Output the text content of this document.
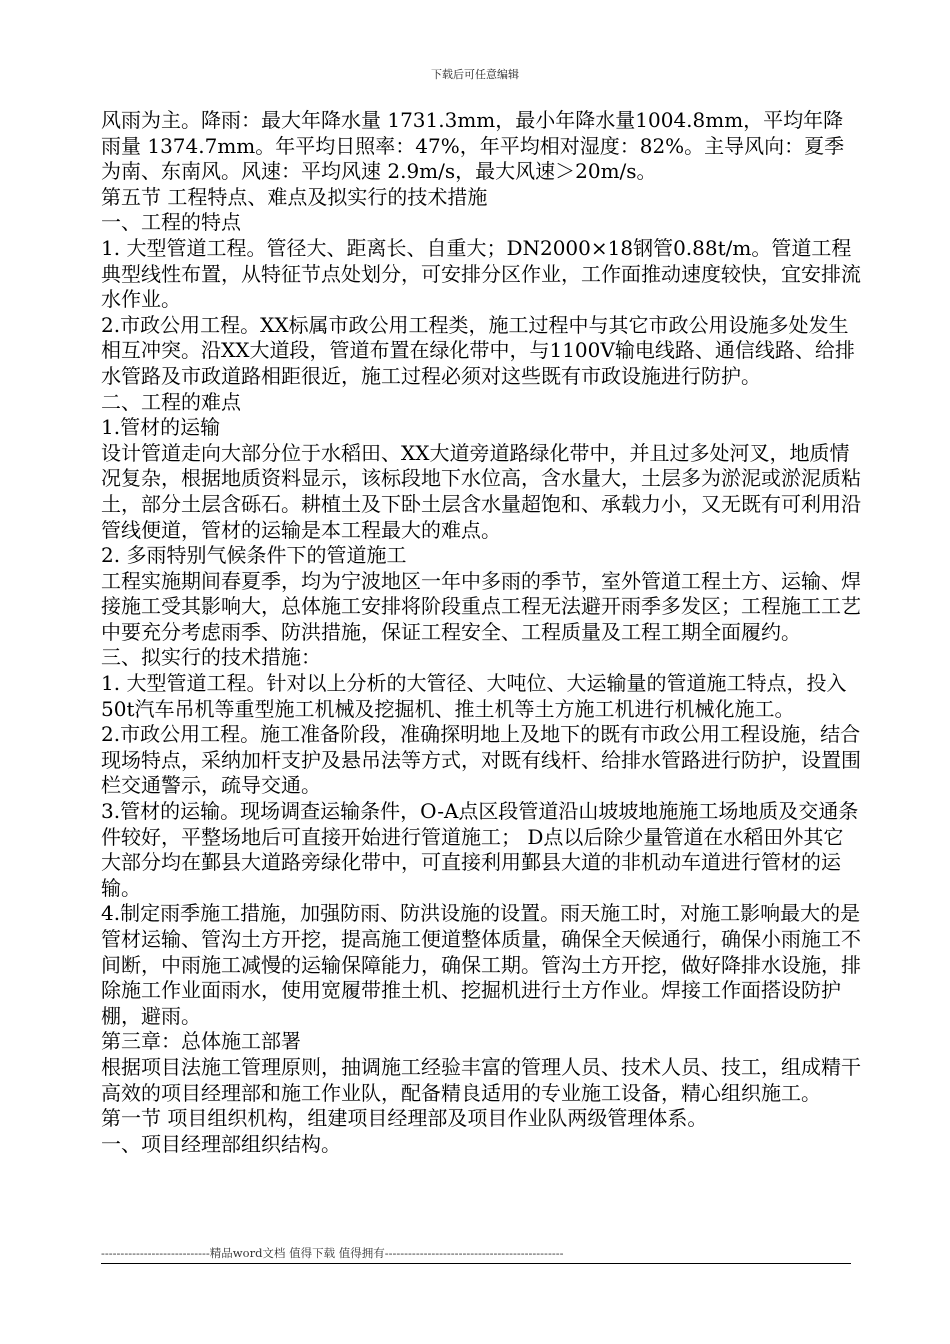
下载后可任意编辑

风雨为主。降雨：最大年降水量 1731.3mm，最小年降水量1004.8mm，平均年降雨量 1374.7mm。年平均日照率：47%，年平均相对湿度：82%。主导风向：夏季为南、东南风。风速：平均风速 2.9m/s，最大风速＞20m/s。

第五节 工程特点、难点及拟实行的技术措施

一、工程的特点

1. 大型管道工程。管径大、距离长、自重大；DN2000×18钢管0.88t/m。管道工程典型线性布置，从特征节点处划分，可安排分区作业，工作面推动速度较快，宜安排流水作业。

2.市政公用工程。XX标属市政公用工程类，施工过程中与其它市政公用设施多处发生相互冲突。沿XX大道段，管道布置在绿化带中，与1100V输电线路、通信线路、给排水管路及市政道路相距很近，施工过程必须对这些既有市政设施进行防护。

二、工程的难点

1.管材的运输

设计管道走向大部分位于水稻田、XX大道旁道路绿化带中，并且过多处河叉，地质情况复杂，根据地质资料显示，该标段地下水位高，含水量大，土层多为淤泥或淤泥质粘土，部分土层含砾石。耕植土及下卧土层含水量超饱和、承载力小，又无既有可利用沿管线便道，管材的运输是本工程最大的难点。

2. 多雨特别气候条件下的管道施工

工程实施期间春夏季，均为宁波地区一年中多雨的季节，室外管道工程土方、运输、焊接施工受其影响大，总体施工安排将阶段重点工程无法避开雨季多发区；工程施工工艺中要充分考虑雨季、防洪措施，保证工程安全、工程质量及工程工期全面履约。

三、拟实行的技术措施：

1. 大型管道工程。针对以上分析的大管径、大吨位、大运输量的管道施工特点，投入50t汽车吊机等重型施工机械及挖掘机、推土机等土方施工机进行机械化施工。

2.市政公用工程。施工准备阶段，准确探明地上及地下的既有市政公用工程设施，结合现场特点，采纳加杆支护及悬吊法等方式，对既有线杆、给排水管路进行防护，设置围栏交通警示，疏导交通。

3.管材的运输。现场调查运输条件，O-A点区段管道沿山坡坡地施施工场地质及交通条件较好，平整场地后可直接开始进行管道施工； D点以后除少量管道在水稻田外其它大部分均在鄞县大道路旁绿化带中，可直接利用鄞县大道的非机动车道进行管材的运输。

4.制定雨季施工措施，加强防雨、防洪设施的设置。雨天施工时，对施工影响最大的是管材运输、管沟土方开挖，提高施工便道整体质量，确保全天候通行，确保小雨施工不间断，中雨施工减慢的运输保障能力，确保工期。管沟土方开挖，做好降排水设施，排除施工作业面雨水，使用宽履带推土机、挖掘机进行土方作业。焊接工作面搭设防护棚，避雨。

第三章：总体施工部署

根据项目法施工管理原则，抽调施工经验丰富的管理人员、技术人员、技工，组成精干高效的项目经理部和施工作业队，配备精良适用的专业施工设备，精心组织施工。

第一节 项目组织机构，组建项目经理部及项目作业队两级管理体系。

一、项目经理部组织结构。

----------------------------精品word文档 值得下载 值得拥有----------------------------------------------
